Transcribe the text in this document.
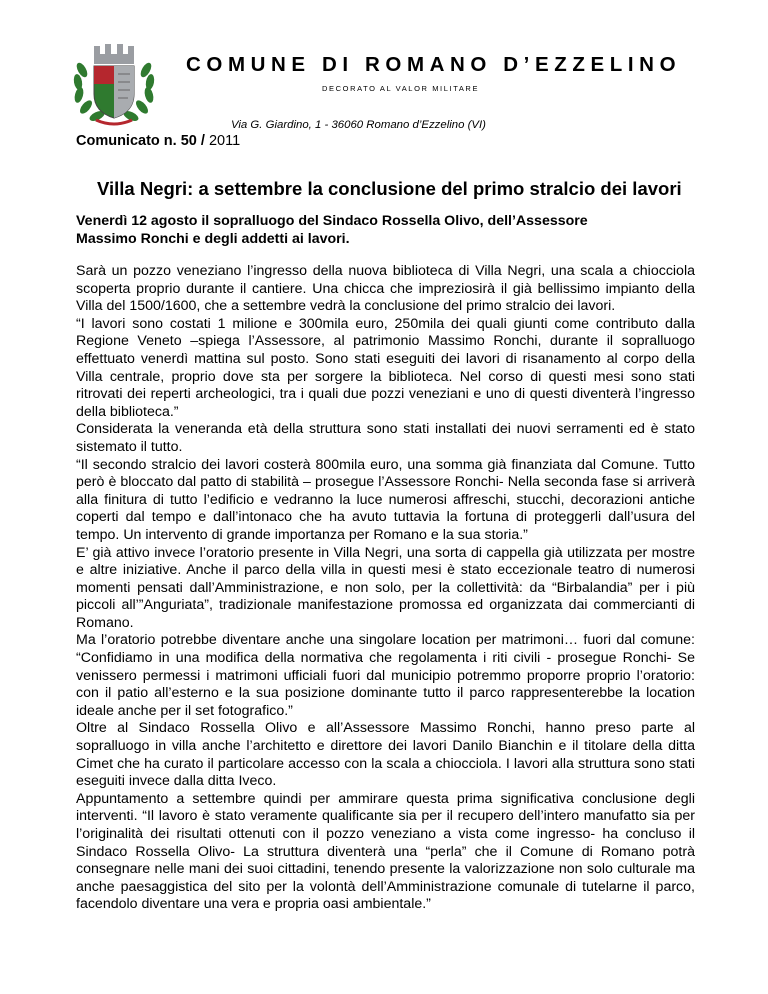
COMUNE DI ROMANO D’EZZELINO
DECORATO AL VALOR MILITARE
Via G. Giardino, 1 - 36060 Romano d’Ezzelino (VI)
Comunicato n. 50 / 2011
Villa Negri: a settembre la conclusione del primo stralcio dei lavori
Venerdì 12 agosto il sopralluogo del Sindaco Rossella Olivo, dell’Assessore
Massimo Ronchi e degli addetti ai lavori.

Sarà un pozzo veneziano l’ingresso della nuova biblioteca di Villa Negri, una scala a chiocciola scoperta proprio durante il cantiere. Una chicca che impreziosirà il già bellissimo impianto della Villa del 1500/1600, che a settembre vedrà la conclusione del primo stralcio dei lavori.

“I lavori sono costati 1 milione e 300mila euro, 250mila dei quali giunti come contributo dalla Regione Veneto –spiega l’Assessore, al patrimonio Massimo Ronchi, durante il sopralluogo effettuato venerdì mattina sul posto. Sono stati eseguiti dei lavori di risanamento al corpo della Villa centrale, proprio dove sta per sorgere la biblioteca. Nel corso di questi mesi sono stati ritrovati dei reperti archeologici, tra i quali due pozzi veneziani e uno di questi diventerà l’ingresso della biblioteca.”

Considerata la veneranda età della struttura sono stati installati dei nuovi serramenti ed è stato sistemato il tutto.

“Il secondo stralcio dei lavori costerà 800mila euro, una somma già finanziata dal Comune. Tutto però è bloccato dal patto di stabilità – prosegue l’Assessore Ronchi- Nella seconda fase si arriverà alla finitura di tutto l’edificio e vedranno la luce numerosi affreschi, stucchi, decorazioni antiche coperti dal tempo e dall’intonaco che ha avuto tuttavia la fortuna di proteggerli dall’usura del tempo. Un intervento di grande importanza per Romano e la sua storia.”

E’ già attivo invece l’oratorio presente in Villa Negri, una sorta di cappella già utilizzata per mostre e altre iniziative. Anche il parco della villa in questi mesi è stato eccezionale teatro di numerosi momenti pensati dall’Amministrazione, e non solo, per la collettività: da “Birbalandia” per i più piccoli all’”Anguriata”, tradizionale manifestazione promossa ed organizzata dai commercianti di Romano.

Ma l’oratorio potrebbe diventare anche una singolare location per matrimoni… fuori dal comune: “Confidiamo in una modifica della normativa che regolamenta i riti civili - prosegue Ronchi- Se venissero permessi i matrimoni ufficiali fuori dal municipio potremmo proporre proprio l’oratorio: con il patio all’esterno e la sua posizione dominante tutto il parco rappresenterebbe la location ideale anche per il set fotografico.”

Oltre al Sindaco Rossella Olivo e all’Assessore Massimo Ronchi, hanno preso parte al sopralluogo in villa anche l’architetto e direttore dei lavori Danilo Bianchin e il titolare della ditta Cimet che ha curato il particolare accesso con la scala a chiocciola. I lavori alla struttura sono stati eseguiti invece dalla ditta Iveco.

Appuntamento a settembre quindi per ammirare questa prima significativa conclusione degli interventi. “Il lavoro è stato veramente qualificante sia per il recupero dell’intero manufatto sia per l’originalità dei risultati ottenuti con il pozzo veneziano a vista come ingresso- ha concluso il Sindaco Rossella Olivo- La struttura diventerà una “perla” che il Comune di Romano potrà consegnare nelle mani dei suoi cittadini, tenendo presente la valorizzazione non solo culturale ma anche paesaggistica del sito per la volontà dell’Amministrazione comunale di tutelarne il parco, facendolo diventare una vera e propria oasi ambientale.”
